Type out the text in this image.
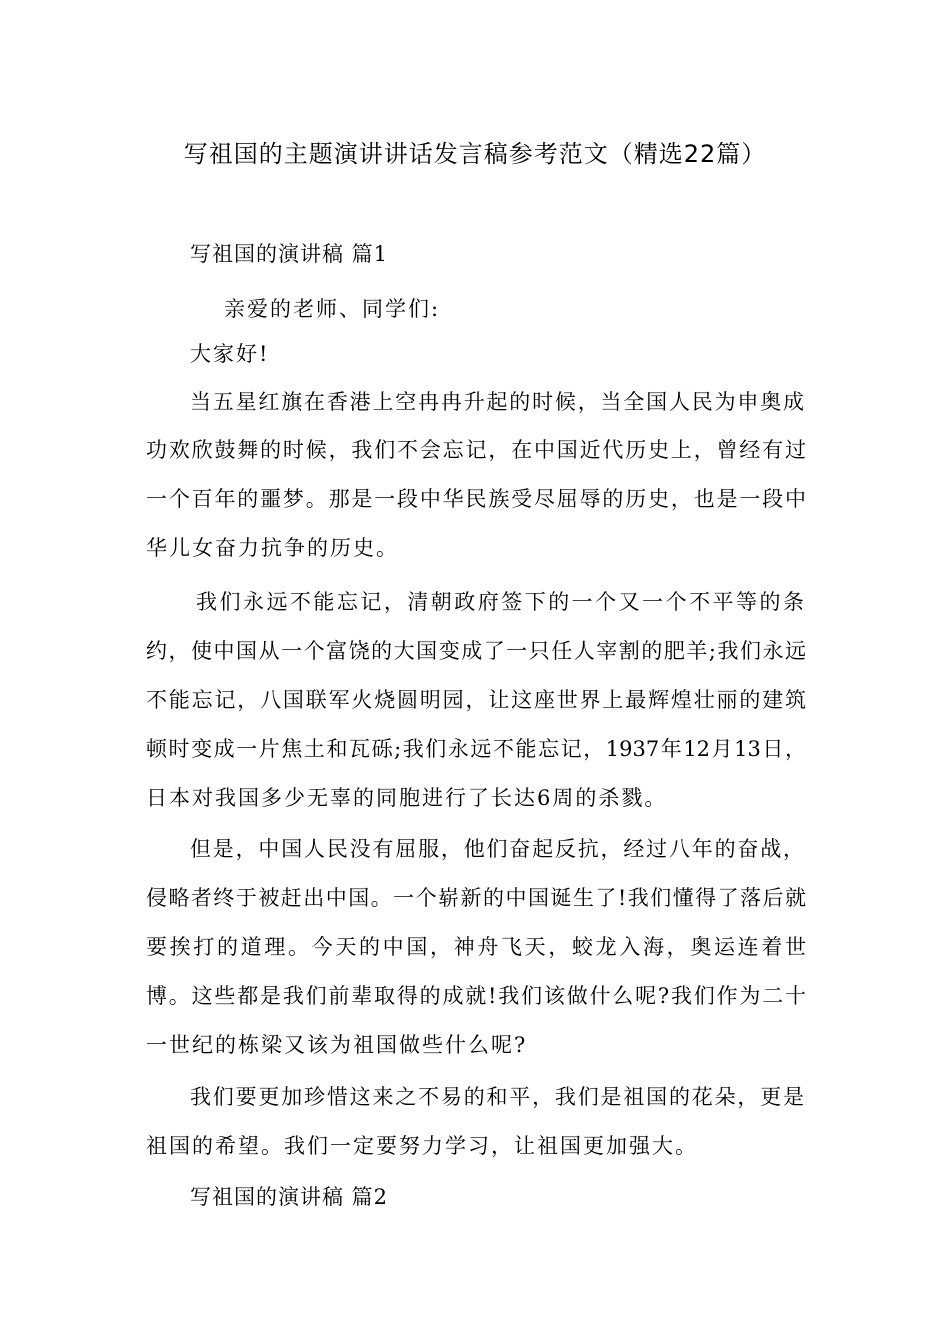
写祖国的主题演讲讲话发言稿参考范文（精选22篇）
写祖国的演讲稿 篇1
亲爱的老师、同学们:
大家好!
当五星红旗在香港上空冉冉升起的时候，当全国人民为申奥成
功欢欣鼓舞的时候，我们不会忘记，在中国近代历史上，曾经有过
一个百年的噩梦。那是一段中华民族受尽屈辱的历史，也是一段中
华儿女奋力抗争的历史。
我们永远不能忘记，清朝政府签下的一个又一个不平等的条
约，使中国从一个富饶的大国变成了一只任人宰割的肥羊;我们永远
不能忘记，八国联军火烧圆明园，让这座世界上最辉煌壮丽的建筑
顿时变成一片焦土和瓦砾;我们永远不能忘记，1937年12月13日，
日本对我国多少无辜的同胞进行了长达6周的杀戮。
但是，中国人民没有屈服，他们奋起反抗，经过八年的奋战，
侵略者终于被赶出中国。一个崭新的中国诞生了!我们懂得了落后就
要挨打的道理。今天的中国，神舟飞天，蛟龙入海，奥运连着世
博。这些都是我们前辈取得的成就!我们该做什么呢?我们作为二十
一世纪的栋梁又该为祖国做些什么呢?
我们要更加珍惜这来之不易的和平，我们是祖国的花朵，更是
祖国的希望。我们一定要努力学习，让祖国更加强大。
写祖国的演讲稿 篇2
